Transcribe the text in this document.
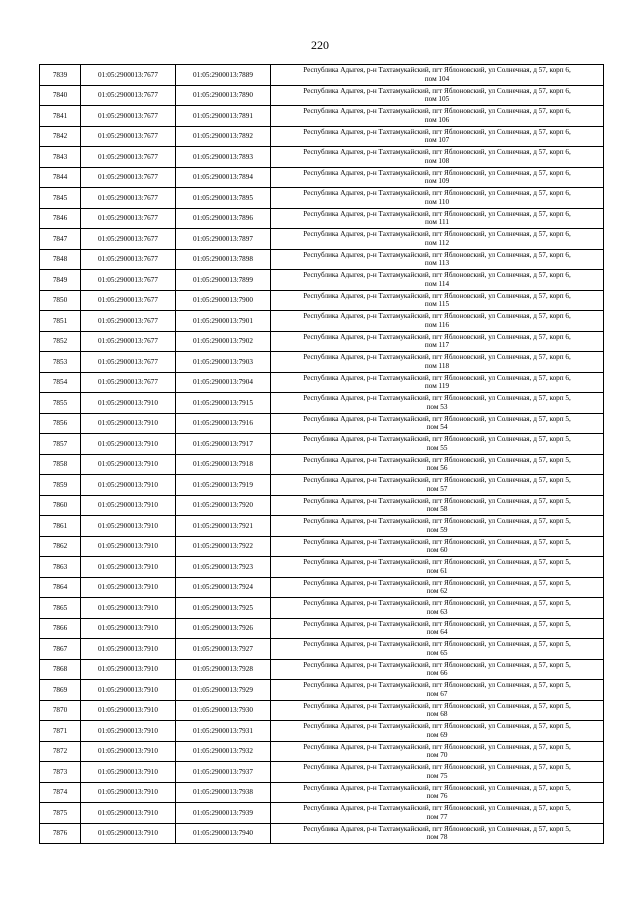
220
7839	01:05:2900013:7677	01:05:2900013:7889	Республика Адыгея, р-н Тахтамукайский, пгт Яблоновский, ул Солнечная, д 57, корп 6,
пом 104

7840	01:05:2900013:7677	01:05:2900013:7890	Республика Адыгея, р-н Тахтамукайский, пгт Яблоновский, ул Солнечная, д 57, корп 6,
пом 105

7841	01:05:2900013:7677	01:05:2900013:7891	Республика Адыгея, р-н Тахтамукайский, пгт Яблоновский, ул Солнечная, д 57, корп 6,
пом 106

7842	01:05:2900013:7677	01:05:2900013:7892	Республика Адыгея, р-н Тахтамукайский, пгт Яблоновский, ул Солнечная, д 57, корп 6,
пом 107

7843	01:05:2900013:7677	01:05:2900013:7893	Республика Адыгея, р-н Тахтамукайский, пгт Яблоновский, ул Солнечная, д 57, корп 6,
пом 108

7844	01:05:2900013:7677	01:05:2900013:7894	Республика Адыгея, р-н Тахтамукайский, пгт Яблоновский, ул Солнечная, д 57, корп 6,
пом 109

7845	01:05:2900013:7677	01:05:2900013:7895	Республика Адыгея, р-н Тахтамукайский, пгт Яблоновский, ул Солнечная, д 57, корп 6,
пом 110

7846	01:05:2900013:7677	01:05:2900013:7896	Республика Адыгея, р-н Тахтамукайский, пгт Яблоновский, ул Солнечная, д 57, корп 6,
пом 111

7847	01:05:2900013:7677	01:05:2900013:7897	Республика Адыгея, р-н Тахтамукайский, пгт Яблоновский, ул Солнечная, д 57, корп 6,
пом 112

7848	01:05:2900013:7677	01:05:2900013:7898	Республика Адыгея, р-н Тахтамукайский, пгт Яблоновский, ул Солнечная, д 57, корп 6,
пом 113

7849	01:05:2900013:7677	01:05:2900013:7899	Республика Адыгея, р-н Тахтамукайский, пгт Яблоновский, ул Солнечная, д 57, корп 6,
пом 114

7850	01:05:2900013:7677	01:05:2900013:7900	Республика Адыгея, р-н Тахтамукайский, пгт Яблоновский, ул Солнечная, д 57, корп 6,
пом 115

7851	01:05:2900013:7677	01:05:2900013:7901	Республика Адыгея, р-н Тахтамукайский, пгт Яблоновский, ул Солнечная, д 57, корп 6,
пом 116

7852	01:05:2900013:7677	01:05:2900013:7902	Республика Адыгея, р-н Тахтамукайский, пгт Яблоновский, ул Солнечная, д 57, корп 6,
пом 117

7853	01:05:2900013:7677	01:05:2900013:7903	Республика Адыгея, р-н Тахтамукайский, пгт Яблоновский, ул Солнечная, д 57, корп 6,
пом 118

7854	01:05:2900013:7677	01:05:2900013:7904	Республика Адыгея, р-н Тахтамукайский, пгт Яблоновский, ул Солнечная, д 57, корп 6,
пом 119

7855	01:05:2900013:7910	01:05:2900013:7915	Республика Адыгея, р-н Тахтамукайский, пгт Яблоновский, ул Солнечная, д 57, корп 5,
пом 53

7856	01:05:2900013:7910	01:05:2900013:7916	Республика Адыгея, р-н Тахтамукайский, пгт Яблоновский, ул Солнечная, д 57, корп 5,
пом 54

7857	01:05:2900013:7910	01:05:2900013:7917	Республика Адыгея, р-н Тахтамукайский, пгт Яблоновский, ул Солнечная, д 57, корп 5,
пом 55

7858	01:05:2900013:7910	01:05:2900013:7918	Республика Адыгея, р-н Тахтамукайский, пгт Яблоновский, ул Солнечная, д 57, корп 5,
пом 56

7859	01:05:2900013:7910	01:05:2900013:7919	Республика Адыгея, р-н Тахтамукайский, пгт Яблоновский, ул Солнечная, д 57, корп 5,
пом 57

7860	01:05:2900013:7910	01:05:2900013:7920	Республика Адыгея, р-н Тахтамукайский, пгт Яблоновский, ул Солнечная, д 57, корп 5,
пом 58

7861	01:05:2900013:7910	01:05:2900013:7921	Республика Адыгея, р-н Тахтамукайский, пгт Яблоновский, ул Солнечная, д 57, корп 5,
пом 59

7862	01:05:2900013:7910	01:05:2900013:7922	Республика Адыгея, р-н Тахтамукайский, пгт Яблоновский, ул Солнечная, д 57, корп 5,
пом 60

7863	01:05:2900013:7910	01:05:2900013:7923	Республика Адыгея, р-н Тахтамукайский, пгт Яблоновский, ул Солнечная, д 57, корп 5,
пом 61

7864	01:05:2900013:7910	01:05:2900013:7924	Республика Адыгея, р-н Тахтамукайский, пгт Яблоновский, ул Солнечная, д 57, корп 5,
пом 62

7865	01:05:2900013:7910	01:05:2900013:7925	Республика Адыгея, р-н Тахтамукайский, пгт Яблоновский, ул Солнечная, д 57, корп 5,
пом 63

7866	01:05:2900013:7910	01:05:2900013:7926	Республика Адыгея, р-н Тахтамукайский, пгт Яблоновский, ул Солнечная, д 57, корп 5,
пом 64

7867	01:05:2900013:7910	01:05:2900013:7927	Республика Адыгея, р-н Тахтамукайский, пгт Яблоновский, ул Солнечная, д 57, корп 5,
пом 65

7868	01:05:2900013:7910	01:05:2900013:7928	Республика Адыгея, р-н Тахтамукайский, пгт Яблоновский, ул Солнечная, д 57, корп 5,
пом 66

7869	01:05:2900013:7910	01:05:2900013:7929	Республика Адыгея, р-н Тахтамукайский, пгт Яблоновский, ул Солнечная, д 57, корп 5,
пом 67

7870	01:05:2900013:7910	01:05:2900013:7930	Республика Адыгея, р-н Тахтамукайский, пгт Яблоновский, ул Солнечная, д 57, корп 5,
пом 68

7871	01:05:2900013:7910	01:05:2900013:7931	Республика Адыгея, р-н Тахтамукайский, пгт Яблоновский, ул Солнечная, д 57, корп 5,
пом 69

7872	01:05:2900013:7910	01:05:2900013:7932	Республика Адыгея, р-н Тахтамукайский, пгт Яблоновский, ул Солнечная, д 57, корп 5,
пом 70

7873	01:05:2900013:7910	01:05:2900013:7937	Республика Адыгея, р-н Тахтамукайский, пгт Яблоновский, ул Солнечная, д 57, корп 5,
пом 75

7874	01:05:2900013:7910	01:05:2900013:7938	Республика Адыгея, р-н Тахтамукайский, пгт Яблоновский, ул Солнечная, д 57, корп 5,
пом 76

7875	01:05:2900013:7910	01:05:2900013:7939	Республика Адыгея, р-н Тахтамукайский, пгт Яблоновский, ул Солнечная, д 57, корп 5,
пом 77

7876	01:05:2900013:7910	01:05:2900013:7940	Республика Адыгея, р-н Тахтамукайский, пгт Яблоновский, ул Солнечная, д 57, корп 5,
пом 78
